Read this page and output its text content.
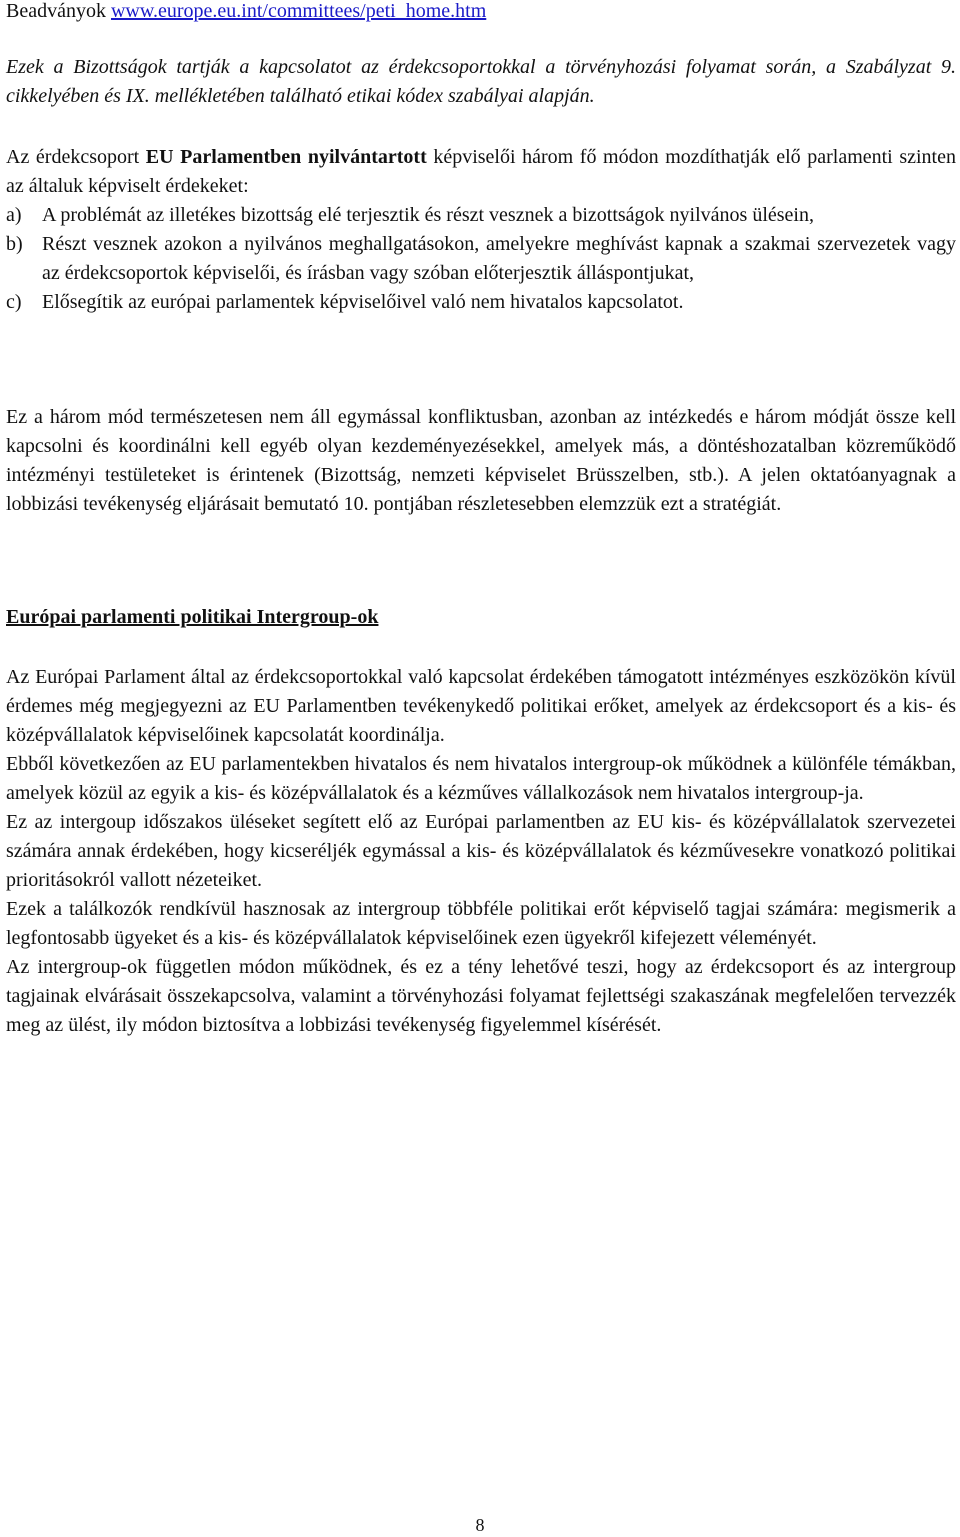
Beadványok www.europe.eu.int/committees/peti_home.htm
Ezek a Bizottságok tartják a kapcsolatot az érdekcsoportokkal a törvényhozási folyamat során, a Szabályzat 9. cikkelyében és IX. mellékletében található etikai kódex szabályai alapján.
Az érdekcsoport EU Parlamentben nyilvántartott képviselői három fő módon mozdíthatják elő parlamenti szinten az általuk képviselt érdekeket:
a)	A problémát az illetékes bizottság elé terjesztik és részt vesznek a bizottságok nyilvános ülésein,
b) Részt vesznek azokon a nyilvános meghallgatásokon, amelyekre meghívást kapnak a szakmai szervezetek vagy az érdekcsoportok képviselői, és írásban vagy szóban előterjesztik álláspontjukat,
c)	Elősegítik az európai parlamentek képviselőivel való nem hivatalos kapcsolatot.
Ez a három mód természetesen nem áll egymással konfliktusban, azonban az intézkedés e három módját össze kell kapcsolni és koordinálni kell egyéb olyan kezdeményezésekkel, amelyek más, a döntéshozatalban közreműködő intézményi testületeket is érintenek (Bizottság, nemzeti képviselet Brüsszelben, stb.). A jelen oktatóanyagnak a lobbizási tevékenység eljárásait bemutató 10. pontjában részletesebben elemzzük ezt a stratégiát.
Európai parlamenti politikai Intergroup-ok
Az Európai Parlament által az érdekcsoportokkal való kapcsolat érdekében támogatott intézményes eszközökön kívül érdemes még megjegyezni az EU Parlamentben tevékenykedő politikai erőket, amelyek az érdekcsoport és a kis- és középvállalatok képviselőinek kapcsolatát koordinálja.
Ebből következően az EU parlamentekben hivatalos és nem hivatalos intergroup-ok működnek a különféle témákban, amelyek közül az egyik a kis- és középvállalatok és a kézműves vállalkozások nem hivatalos intergroup-ja.
Ez az intergoup időszakos üléseket segített elő az Európai parlamentben az EU kis- és középvállalatok szervezetei számára annak érdekében, hogy kicseréljék egymással a kis- és középvállalatok és kézművesekre vonatkozó politikai prioritásokról vallott nézeteiket.
Ezek a találkozók rendkívül hasznosak az intergroup többféle politikai erőt képviselő tagjai számára: megismerik a legfontosabb ügyeket és a kis- és középvállalatok képviselőinek ezen ügyekről kifejezett véleményét.
Az intergroup-ok független módon működnek, és ez a tény lehetővé teszi, hogy az érdekcsoport és az intergroup tagjainak elvárásait összekapcsolva, valamint a törvényhozási folyamat fejlettségi szakaszának megfelelően tervezzék meg az ülést, ily módon biztosítva a lobbizási tevékenység figyelemmel kísérését.
8
